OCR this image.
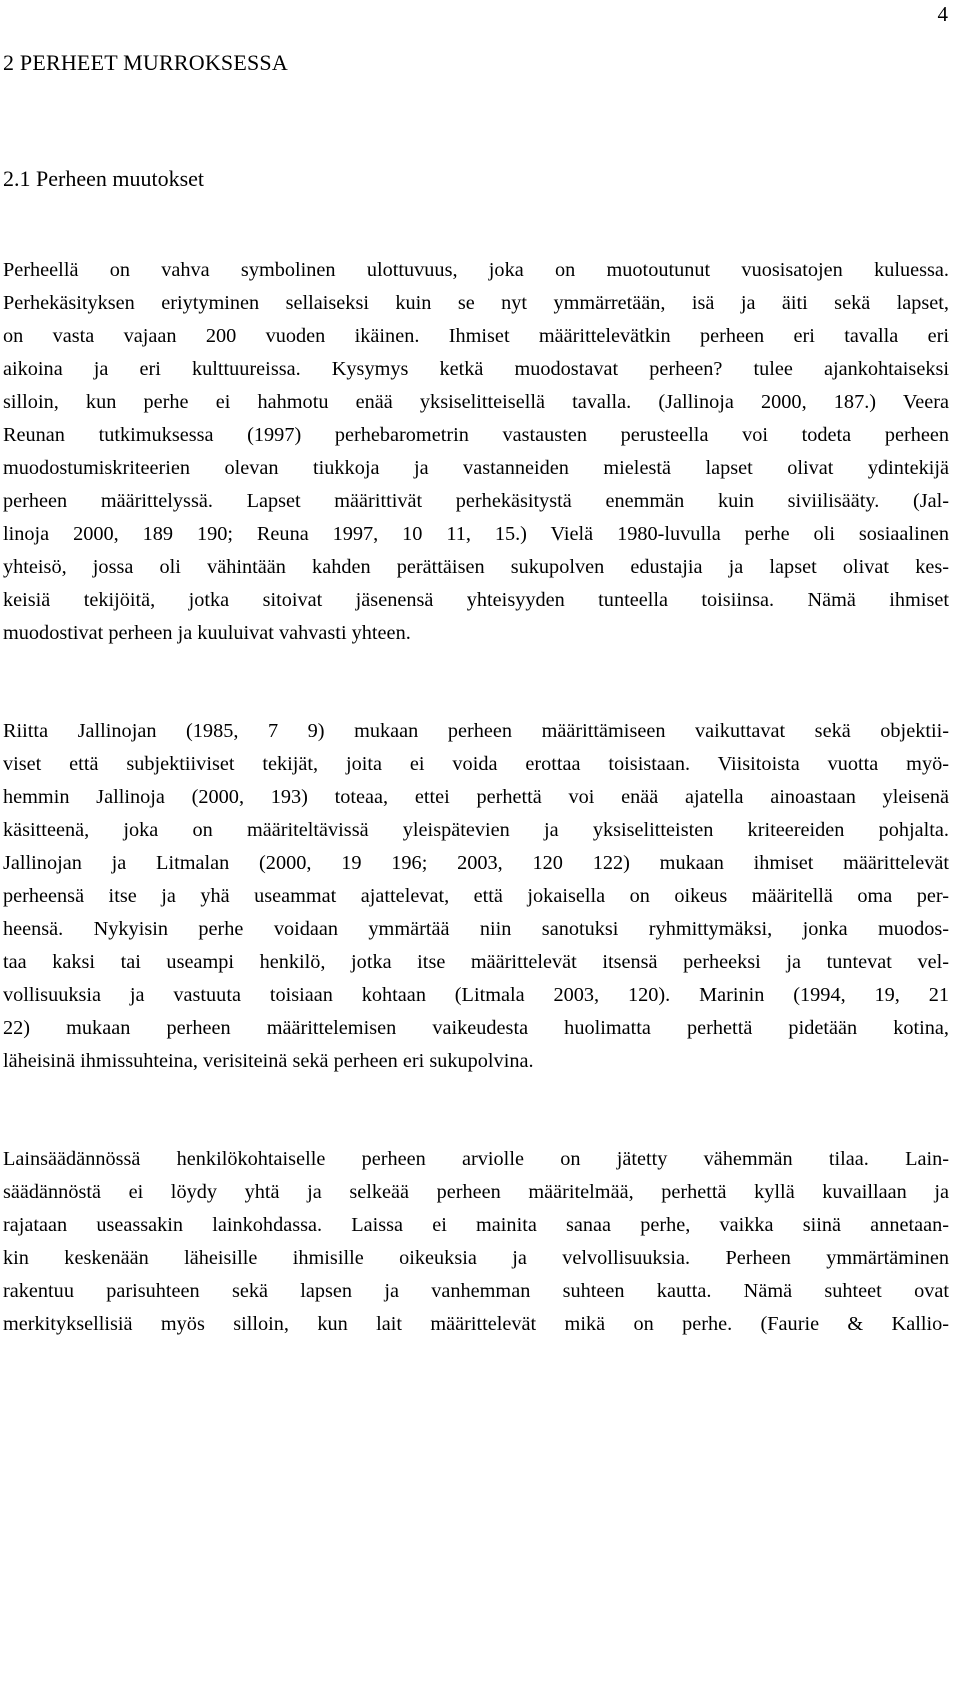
4
2 PERHEET MURROKSESSA
2.1 Perheen muutokset
Perheellä on vahva symbolinen ulottuvuus, joka on muotoutunut vuosisatojen kuluessa.
Perhekäsityksen eriytyminen sellaiseksi kuin se nyt ymmärretään, isä ja äiti sekä lapset,
on vasta vajaan 200 vuoden ikäinen. Ihmiset määrittelevätkin perheen eri tavalla eri
aikoina ja eri kulttuureissa. Kysymys ketkä muodostavat perheen? tulee ajankohtaiseksi
silloin, kun perhe ei hahmotu enää yksiselitteisellä tavalla. (Jallinoja 2000, 187.) Veera
Reunan tutkimuksessa (1997) perhebarometrin vastausten perusteella voi todeta perheen
muodostumiskriteerien olevan tiukkoja ja vastanneiden mielestä lapset olivat ydintekijä
perheen määrittelyssä. Lapset määrittivät perhekäsitystä enemmän kuin siviilisääty. (Jal-
linoja 2000, 189 190; Reuna 1997, 10 11, 15.) Vielä 1980-luvulla perhe oli sosiaalinen
yhteisö, jossa oli vähintään kahden perättäisen sukupolven edustajia ja lapset olivat kes-
keisiä tekijöitä, jotka sitoivat jäsenensä yhteisyyden tunteella toisiinsa. Nämä ihmiset
muodostivat perheen ja kuuluivat vahvasti yhteen.
Riitta Jallinojan (1985, 7 9) mukaan perheen määrittämiseen vaikuttavat sekä objektii-
viset että subjektiiviset tekijät, joita ei voida erottaa toisistaan. Viisitoista vuotta myö-
hemmin Jallinoja (2000, 193) toteaa, ettei perhettä voi enää ajatella ainoastaan yleisenä
käsitteenä, joka on määriteltävissä yleispätevien ja yksiselitteisten kriteereiden pohjalta.
Jallinojan ja Litmalan (2000, 19 196; 2003, 120 122) mukaan ihmiset määrittelevät
perheensä itse ja yhä useammat ajattelevat, että jokaisella on oikeus määritellä oma per-
heensä. Nykyisin perhe voidaan ymmärtää niin sanotuksi ryhmittymäksi, jonka muodos-
taa kaksi tai useampi henkilö, jotka itse määrittelevät itsensä perheeksi ja tuntevat vel-
vollisuuksia ja vastuuta toisiaan kohtaan (Litmala 2003, 120). Marinin (1994, 19, 21
22) mukaan perheen määrittelemisen vaikeudesta huolimatta perhettä pidetään kotina,
läheisinä ihmissuhteina, verisiteinä sekä perheen eri sukupolvina.
Lainsäädännössä henkilökohtaiselle perheen arviolle on jätetty vähemmän tilaa. Lain-
säädännöstä ei löydy yhtä ja selkeää perheen määritelmää, perhettä kyllä kuvaillaan ja
rajataan useassakin lainkohdassa. Laissa ei mainita sanaa perhe, vaikka siinä annetaan-
kin keskenään läheisille ihmisille oikeuksia ja velvollisuuksia. Perheen ymmärtäminen
rakentuu parisuhteen sekä lapsen ja vanhemman suhteen kautta. Nämä suhteet ovat
merkityksellisiä myös silloin, kun lait määrittelevät mikä on perhe. (Faurie & Kallio-
